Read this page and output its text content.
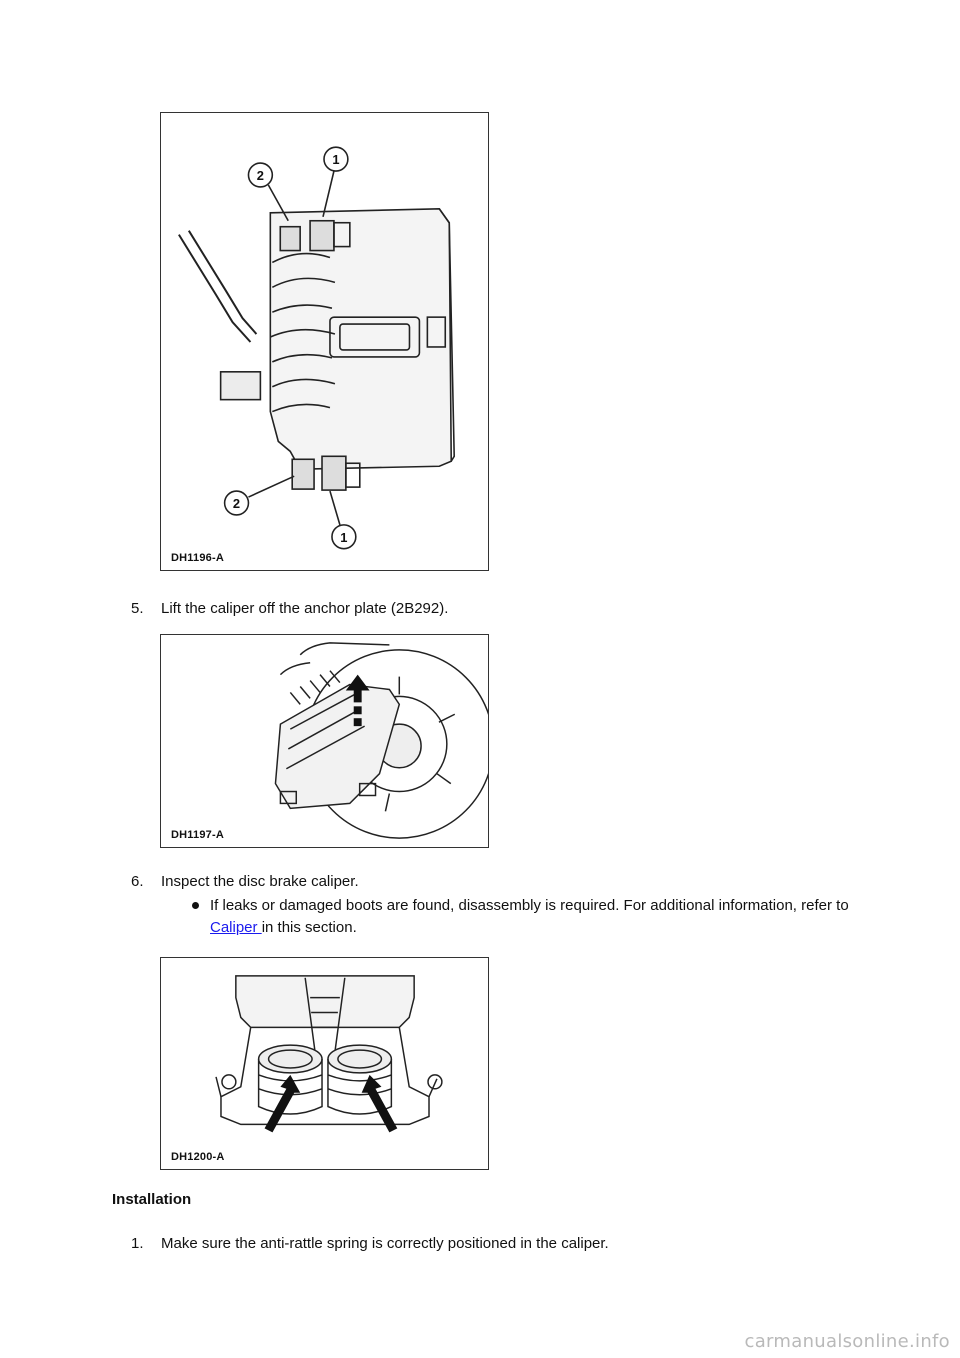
2
1
2
1
DH1196-A
5. Lift the caliper off the anchor plate (2B292).
DH1197-A
6. Inspect the disc brake caliper.
If leaks or damaged boots are found, disassembly is required. For additional information, refer to Caliper in this section.
DH1200-A
Installation
1. Make sure the anti-rattle spring is correctly positioned in the caliper.
carmanualsonline.info
